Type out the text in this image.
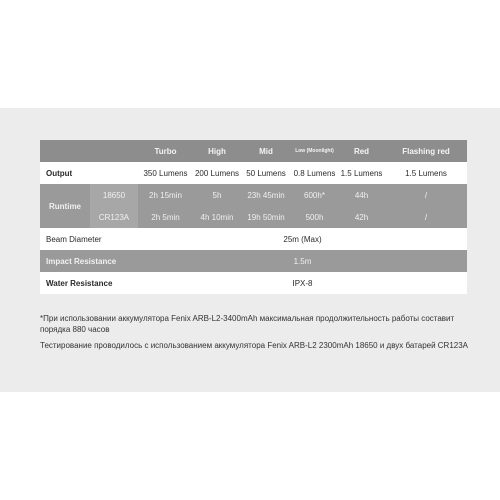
		Turbo	High	Mid	Low (Moonlight)	Red	Flashing red
Output		350 Lumens	200 Lumens	50 Lumens	0.8 Lumens	1.5 Lumens	1.5 Lumens
Runtime	18650	2h 15min	5h	23h 45min	600h*	44h	/
	CR123A	2h 5min	4h 10min	19h 50min	500h	42h	/
Beam Diameter		25m (Max)					
Impact Resistance		1.5m					
Water Resistance		IPX-8					

*При использовании аккумулятора Fenix ARB-L2-3400mAh максимальная продолжительность работы составит порядка 880 часов

Тестирование проводилось с использованием аккумулятора Fenix ARB-L2 2300mAh 18650 и двух батарей CR123A
